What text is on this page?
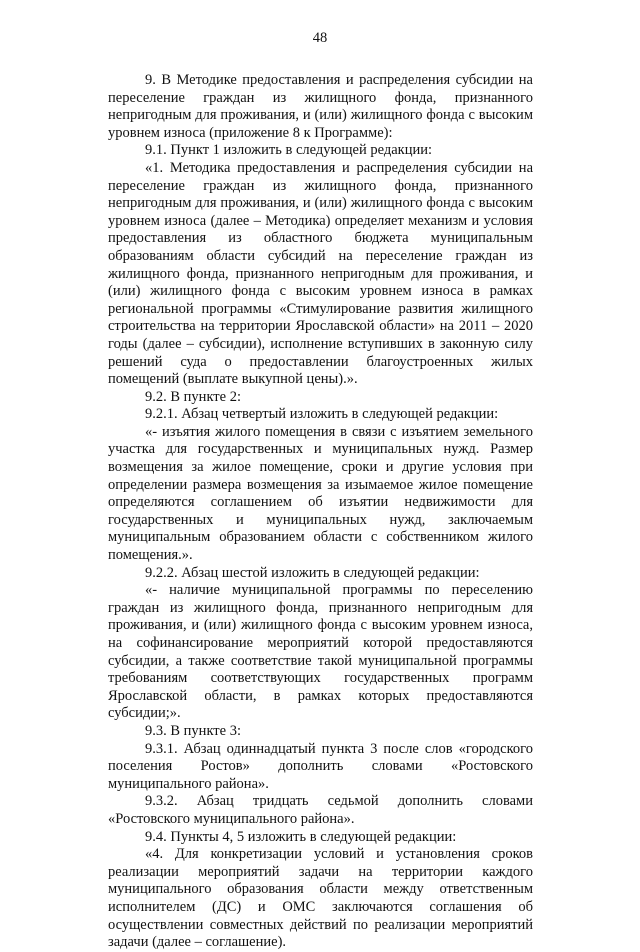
48

9. В Методике предоставления и распределения субсидии на переселение граждан из жилищного фонда, признанного непригодным для проживания, и (или) жилищного фонда с высоким уровнем износа (приложение 8 к Программе):

9.1. Пункт 1 изложить в следующей редакции:

«1. Методика предоставления и распределения субсидии на переселение граждан из жилищного фонда, признанного непригодным для проживания, и (или) жилищного фонда с высоким уровнем износа (далее – Методика) определяет механизм и условия предоставления из областного бюджета муниципальным образованиям области субсидий на переселение граждан из жилищного фонда, признанного непригодным для проживания, и (или) жилищного фонда с высоким уровнем износа в рамках региональной программы «Стимулирование развития жилищного строительства на территории Ярославской области» на 2011 – 2020 годы (далее – субсидии), исполнение вступивших в законную силу решений суда о предоставлении благоустроенных жилых помещений (выплате выкупной цены).».

9.2. В пункте 2:

9.2.1. Абзац четвертый изложить в следующей редакции:

«- изъятия жилого помещения в связи с изъятием земельного участка для государственных и муниципальных нужд. Размер возмещения за жилое помещение, сроки и другие условия при определении размера возмещения за изымаемое жилое помещение определяются соглашением об изъятии недвижимости для государственных и муниципальных нужд, заключаемым муниципальным образованием области с собственником жилого помещения.».

9.2.2. Абзац шестой изложить в следующей редакции:

«- наличие муниципальной программы по переселению граждан из жилищного фонда, признанного непригодным для проживания, и (или) жилищного фонда с высоким уровнем износа, на софинансирование мероприятий которой предоставляются субсидии, а также соответствие такой муниципальной программы требованиям соответствующих государственных программ Ярославской области, в рамках которых предоставляются субсидии;».

9.3. В пункте 3:

9.3.1. Абзац одиннадцатый пункта 3 после слов «городского поселения Ростов» дополнить словами «Ростовского муниципального района».

9.3.2. Абзац тридцать седьмой дополнить словами «Ростовского муниципального района».

9.4. Пункты 4, 5 изложить в следующей редакции:

«4. Для конкретизации условий и установления сроков реализации мероприятий задачи на территории каждого муниципального образования области между ответственным исполнителем (ДС) и ОМС заключаются соглашения об осуществлении совместных действий по реализации мероприятий задачи (далее – соглашение).
